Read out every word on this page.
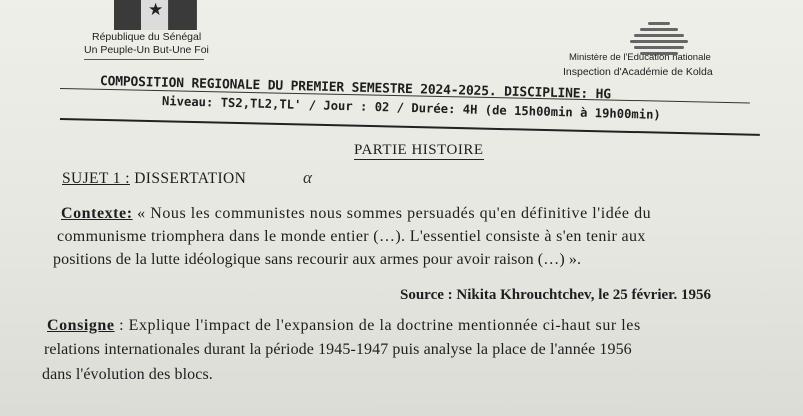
★
République du Sénégal
Un Peuple-Un But-Une Foi
Ministère de l'Education nationale
Inspection d'Académie de Kolda
COMPOSITION REGIONALE DU PREMIER SEMESTRE 2024-2025. DISCIPLINE: HG
Niveau: TS2,TL2,TL' / Jour : 02 / Durée: 4H (de 15h00min à 19h00min)
PARTIE HISTOIRE
SUJET 1 : DISSERTATION	α
Contexte: « Nous les communistes nous sommes persuadés qu'en définitive l'idée du
communisme triomphera dans le monde entier (…). L'essentiel consiste à s'en tenir aux
positions de la lutte idéologique sans recourir aux armes pour avoir raison (…) ».
Source : Nikita Khrouchtchev, le 25 février. 1956
Consigne : Explique l'impact de l'expansion de la doctrine mentionnée ci-haut sur les
relations internationales durant la période 1945-1947 puis analyse la place de l'année 1956
dans l'évolution des blocs.
